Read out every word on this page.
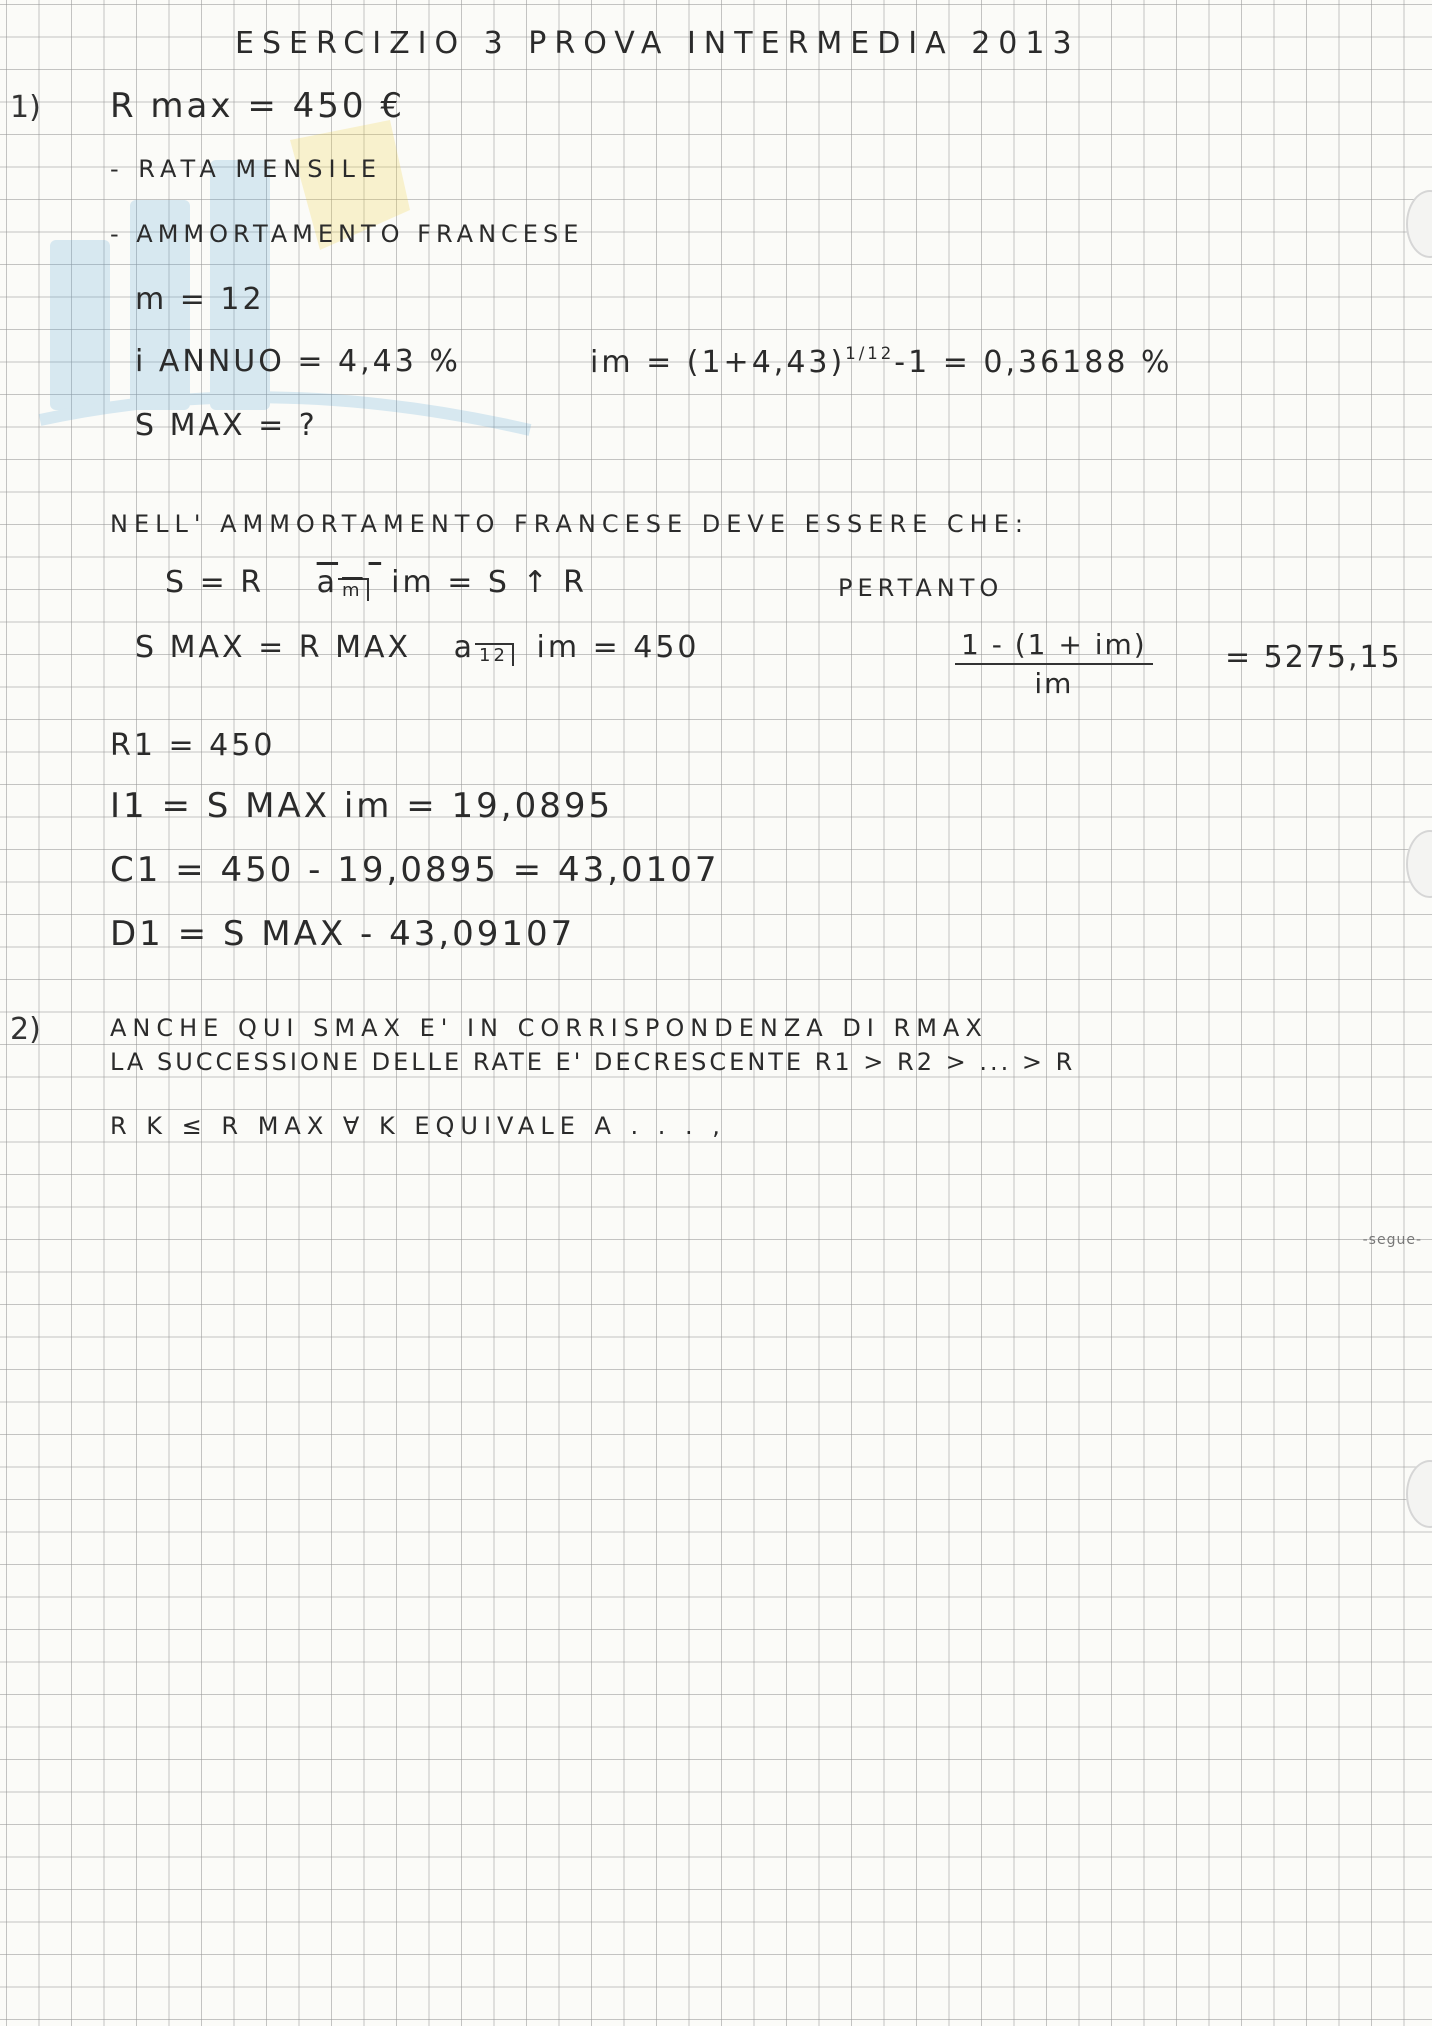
ESERCIZIO 3 PROVA INTERMEDIA 2013
1) R max = 450 €
- RATA MENSILE
- AMMORTAMENTO FRANCESE
m = 12
i ANNUO = 4,43 %	im = $(1+4,43)^{1/12}-1 = 0,36188$ %
S MAX = ?
NELL' AMMORTAMENTO FRANCESE DEVE ESSERE CHE:
S = R a $_m$ im = S ↑ R	PERTANTO
S MAX = R MAX a $_{12}$ im = 450	$\frac{1 - (1 + im)}{im} = 5275,15$
R1 = 450
I1 = S MAX im = 19,0895
C1 = 450 - 19,0895 = 43,0107
D1 = S MAX - 43,09107
2)	ANCHE QUI SMAX E' IN CORRISPONDENZA DI RMAX
LA SUCCESSIONE DELLE RATE E' DECRESCENTE R1 > R2 > ... > R
R K ≤ R MAX ∀ K EQUIVALE A . . . ,
-segue-
